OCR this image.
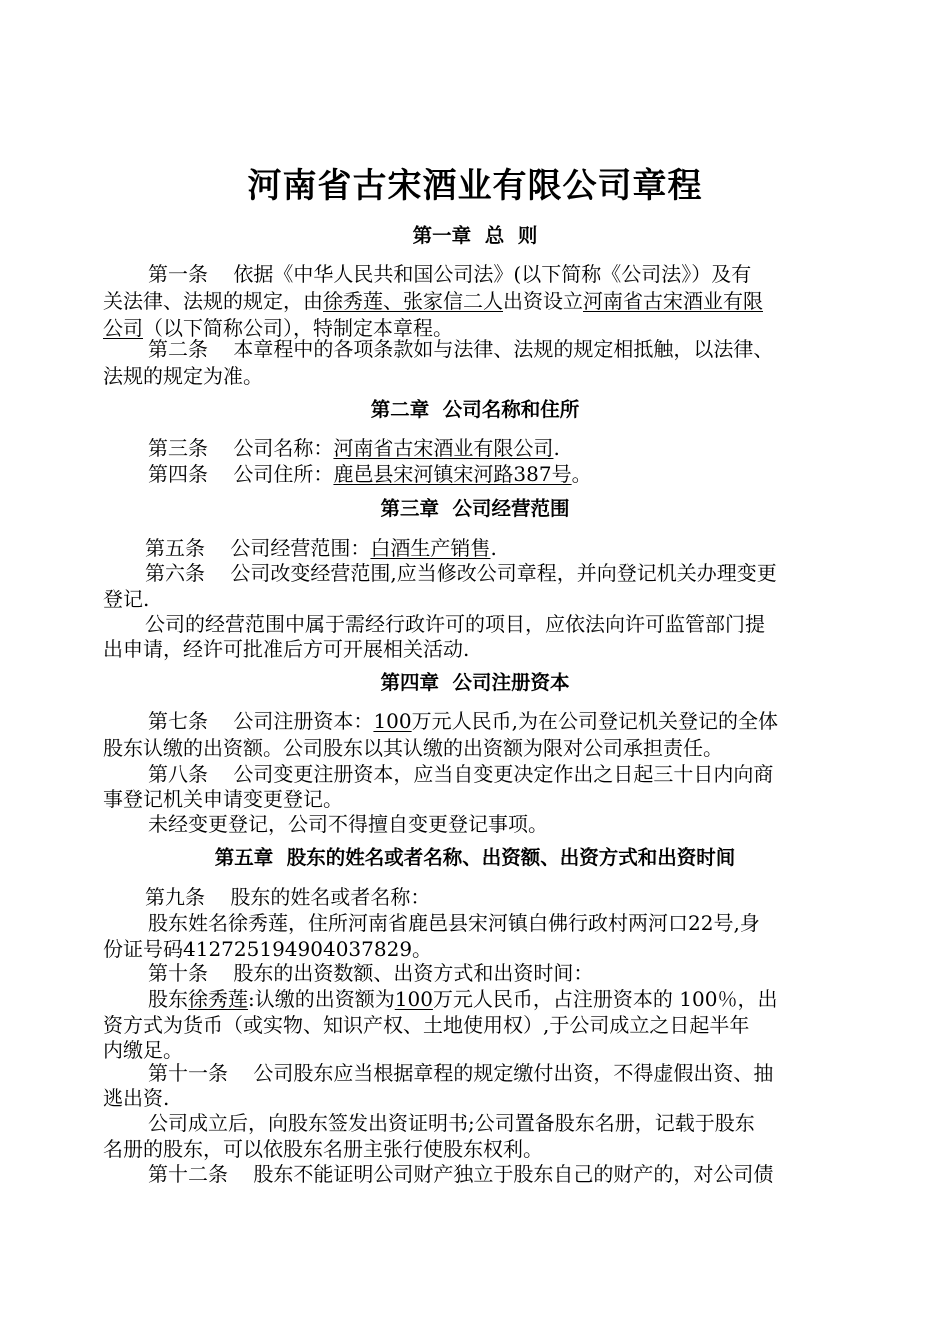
河南省古宋酒业有限公司章程
第一章  总  则
第一条    依据《中华人民共和国公司法》(以下简称《公司法》）及有
关法律、法规的规定，由徐秀莲、张家信二人出资设立河南省古宋酒业有限
公司（以下简称公司），特制定本章程。
第二条    本章程中的各项条款如与法律、法规的规定相抵触，以法律、
法规的规定为准。
第二章  公司名称和住所
第三条    公司名称：河南省古宋酒业有限公司.
第四条    公司住所：鹿邑县宋河镇宋河路387号。
第三章  公司经营范围
第五条    公司经营范围：白酒生产销售.
第六条    公司改变经营范围,应当修改公司章程，并向登记机关办理变更
登记.
公司的经营范围中属于需经行政许可的项目，应依法向许可监管部门提
出申请，经许可批准后方可开展相关活动.
第四章  公司注册资本
第七条    公司注册资本：100万元人民币,为在公司登记机关登记的全体
股东认缴的出资额。公司股东以其认缴的出资额为限对公司承担责任。
第八条    公司变更注册资本，应当自变更决定作出之日起三十日内向商
事登记机关申请变更登记。
未经变更登记，公司不得擅自变更登记事项。
第五章  股东的姓名或者名称、出资额、出资方式和出资时间
第九条    股东的姓名或者名称：
股东姓名徐秀莲，住所河南省鹿邑县宋河镇白佛行政村两河口22号,身
份证号码412725194904037829。
第十条    股东的出资数额、出资方式和出资时间：
股东徐秀莲:认缴的出资额为100万元人民币，占注册资本的 100％，出
资方式为货币（或实物、知识产权、土地使用权）,于公司成立之日起半年
内缴足。
第十一条    公司股东应当根据章程的规定缴付出资，不得虚假出资、抽
逃出资.
公司成立后，向股东签发出资证明书;公司置备股东名册，记载于股东
名册的股东，可以依股东名册主张行使股东权利。
第十二条    股东不能证明公司财产独立于股东自己的财产的，对公司债
